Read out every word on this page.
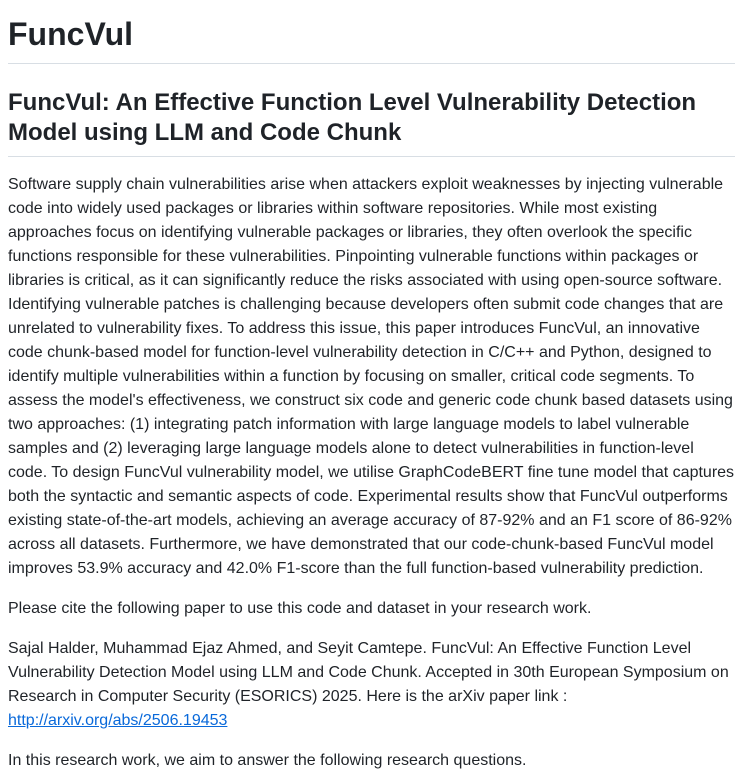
FuncVul
FuncVul: An Effective Function Level Vulnerability Detection Model using LLM and Code Chunk

Software supply chain vulnerabilities arise when attackers exploit weaknesses by injecting vulnerable code into widely used packages or libraries within software repositories. While most existing approaches focus on identifying vulnerable packages or libraries, they often overlook the specific functions responsible for these vulnerabilities. Pinpointing vulnerable functions within packages or libraries is critical, as it can significantly reduce the risks associated with using open-source software. Identifying vulnerable patches is challenging because developers often submit code changes that are unrelated to vulnerability fixes. To address this issue, this paper introduces FuncVul, an innovative code chunk-based model for function-level vulnerability detection in C/C++ and Python, designed to identify multiple vulnerabilities within a function by focusing on smaller, critical code segments. To assess the model's effectiveness, we construct six code and generic code chunk based datasets using two approaches: (1) integrating patch information with large language models to label vulnerable samples and (2) leveraging large language models alone to detect vulnerabilities in function-level code. To design FuncVul vulnerability model, we utilise GraphCodeBERT fine tune model that captures both the syntactic and semantic aspects of code. Experimental results show that FuncVul outperforms existing state-of-the-art models, achieving an average accuracy of 87-92% and an F1 score of 86-92% across all datasets. Furthermore, we have demonstrated that our code-chunk-based FuncVul model improves 53.9% accuracy and 42.0% F1-score than the full function-based vulnerability prediction.

Please cite the following paper to use this code and dataset in your research work.

Sajal Halder, Muhammad Ejaz Ahmed, and Seyit Camtepe. FuncVul: An Effective Function Level Vulnerability Detection Model using LLM and Code Chunk. Accepted in 30th European Symposium on Research in Computer Security (ESORICS) 2025. Here is the arXiv paper link : http://arxiv.org/abs/2506.19453

In this research work, we aim to answer the following research questions.
